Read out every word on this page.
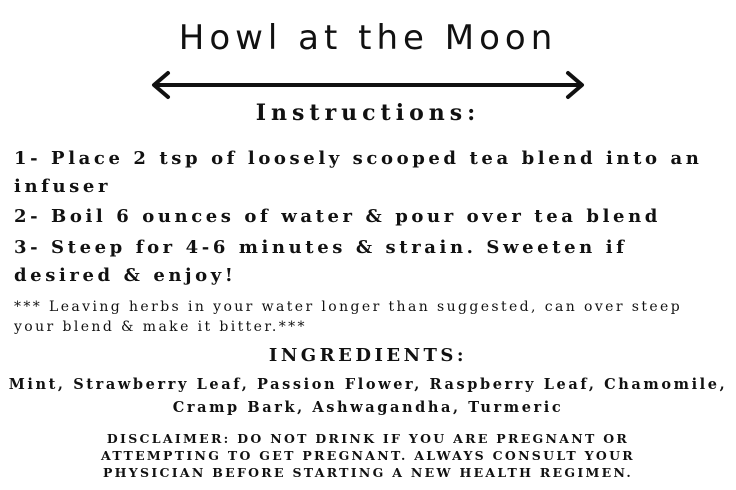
Howl at the Moon
Instructions:

1- Place 2 tsp of loosely scooped tea blend into an infuser

2- Boil 6 ounces of water & pour over tea blend

3- Steep for 4-6 minutes & strain. Sweeten if desired & enjoy!

*** Leaving herbs in your water longer than suggested, can over steep your blend & make it bitter.***

INGREDIENTS:

Mint, Strawberry Leaf, Passion Flower, Raspberry Leaf, Chamomile, Cramp Bark, Ashwagandha, Turmeric

DISCLAIMER: DO NOT DRINK IF YOU ARE PREGNANT OR ATTEMPTING TO GET PREGNANT. ALWAYS CONSULT YOUR PHYSICIAN BEFORE STARTING A NEW HEALTH REGIMEN.
